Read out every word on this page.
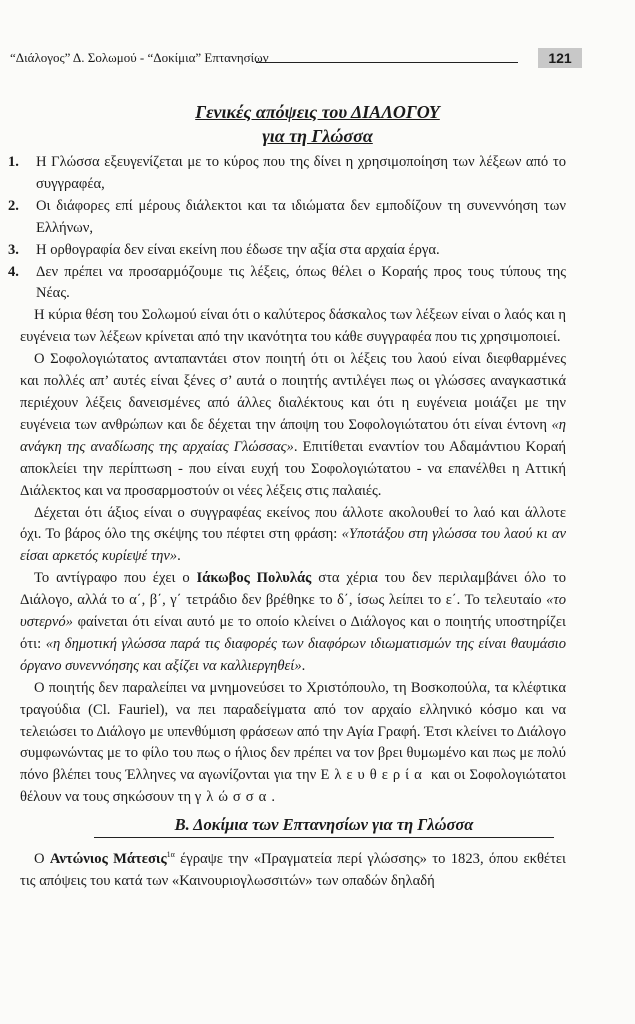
“Διάλογος” Δ. Σολωμού - “Δοκίμια” Επτανησίων	121
Γενικές απόψεις του ΔΙΑΛΟΓΟΥ
για τη Γλώσσα
1. Η Γλώσσα εξευγενίζεται με το κύρος που της δίνει η χρησιμοποίηση των λέξεων από το συγγραφέα,
2. Οι διάφορες επί μέρους διάλεκτοι και τα ιδιώματα δεν εμποδίζουν τη συνεννόηση των Ελλήνων,
3. Η ορθογραφία δεν είναι εκείνη που έδωσε την αξία στα αρχαία έργα.
4. Δεν πρέπει να προσαρμόζουμε τις λέξεις, όπως θέλει ο Κοραής προς τους τύπους της Νέας.

Η κύρια θέση του Σολωμού είναι ότι ο καλύτερος δάσκαλος των λέξεων είναι ο λαός και η ευγένεια των λέξεων κρίνεται από την ικανότητα του κάθε συγγραφέα που τις χρησιμοποιεί.

Ο Σοφολογιώτατος ανταπαντάει στον ποιητή ότι οι λέξεις του λαού είναι διεφθαρμένες και πολλές απ’ αυτές είναι ξένες σ’ αυτά ο ποιητής αντιλέγει πως οι γλώσσες αναγκαστικά περιέχουν λέξεις δανεισμένες από άλλες διαλέκτους και ότι η ευγένεια μοιάζει με την ευγένεια των ανθρώπων και δε δέχεται την άποψη του Σοφολογιώτατου ότι είναι έντονη «η ανάγκη της αναδίωσης της αρχαίας Γλώσσας». Επιτίθεται εναντίον του Αδαμάντιου Κοραή αποκλείει την περίπτωση - που είναι ευχή του Σοφολογιώτατου - να επανέλθει η Αττική Διάλεκτος και να προσαρμοστούν οι νέες λέξεις στις παλαιές.

Δέχεται ότι άξιος είναι ο συγγραφέας εκείνος που άλλοτε ακολουθεί το λαό και άλλοτε όχι. Το βάρος όλο της σκέψης του πέφτει στη φράση: «Υποτάξου στη γλώσσα του λαού κι αν είσαι αρκετός κυρίεψέ την».

Το αντίγραφο που έχει ο Ιάκωβος Πολυλάς στα χέρια του δεν περιλαμβάνει όλο το Διάλογο, αλλά το α΄, β΄, γ΄ τετράδιο δεν βρέθηκε το δ΄, ίσως λείπει το ε΄. Το τελευταίο «το υστερνό» φαίνεται ότι είναι αυτό με το οποίο κλείνει ο Διάλογος και ο ποιητής υποστηρίζει ότι: «η δημοτική γλώσσα παρά τις διαφορές των διαφόρων ιδιωματισμών της είναι θαυμάσιο όργανο συνεννόησης και αξίζει να καλλιεργηθεί».

Ο ποιητής δεν παραλείπει να μνημονεύσει το Χριστόπουλο, τη Βοσκοπούλα, τα κλέφτικα τραγούδια (Cl. Fauriel), να πει παραδείγματα από τον αρχαίο ελληνικό κόσμο και να τελειώσει το Διάλογο με υπενθύμιση φράσεων από την Αγία Γραφή. Έτσι κλείνει το Διάλογο συμφωνώντας με το φίλο του πως ο ήλιος δεν πρέπει να τον βρει θυμωμένο και πως με πολύ πόνο βλέπει τους Έλληνες να αγωνίζονται για την Ελευθερία και οι Σοφολογιώτατοι θέλουν να τους σηκώσουν τη γλώσσα.

Β. Δοκίμια των Επτανησίων για τη Γλώσσα

Ο Αντώνιος Μάτεσις$^{1\alpha}$ έγραψε την «Πραγματεία περί γλώσσης» το 1823, όπου εκθέτει τις απόψεις του κατά των «Καινουριογλωσσιτών» των οπαδών δηλαδή
